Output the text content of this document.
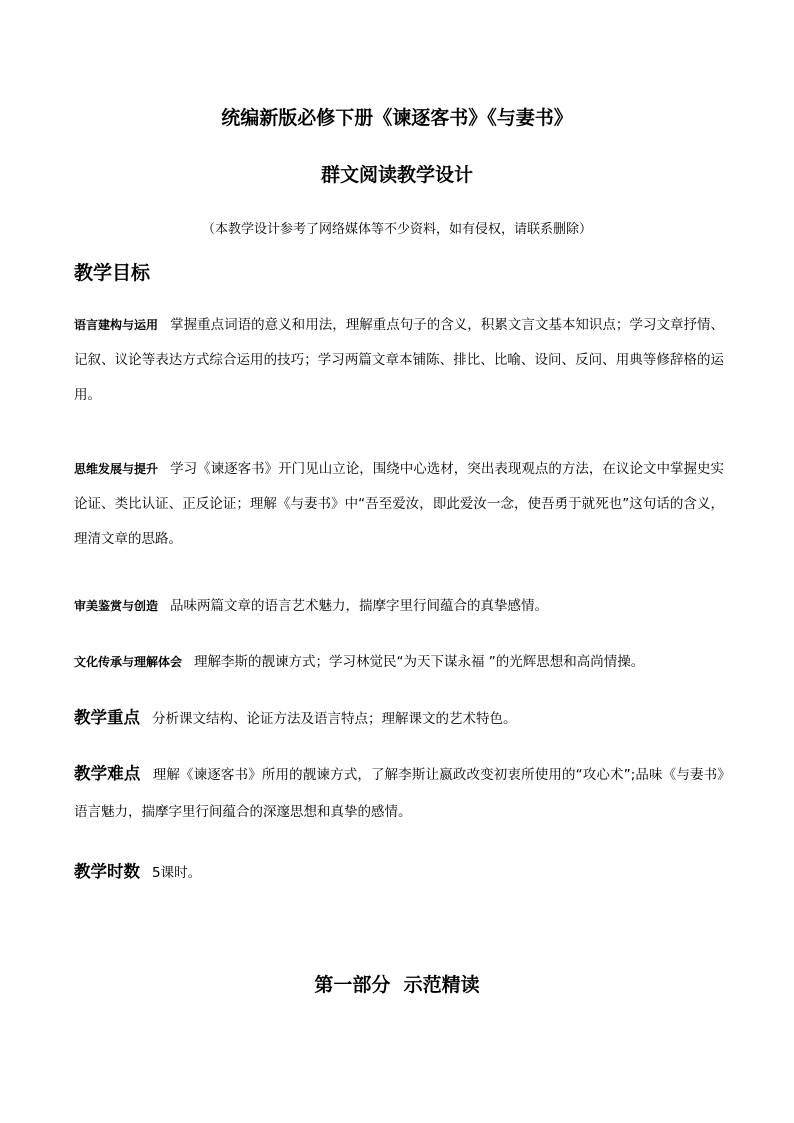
统编新版必修下册《谏逐客书》《与妻书》
群文阅读教学设计

（本教学设计参考了网络媒体等不少资料，如有侵权，请联系删除）

教学目标

语言建构与运用 掌握重点词语的意义和用法，理解重点句子的含义，积累文言文基本知识点；学习文章抒情、记叙、议论等表达方式综合运用的技巧；学习两篇文章本铺陈、排比、比喻、设问、反问、用典等修辞格的运用。

思维发展与提升 学习《谏逐客书》开门见山立论，围绕中心选材，突出表现观点的方法，在议论文中掌握史实论证、类比认证、正反论证；理解《与妻书》中“吾至爱汝，即此爱汝一念，使吾勇于就死也”这句话的含义，理清文章的思路。

审美鉴赏与创造 品味两篇文章的语言艺术魅力，揣摩字里行间蕴合的真挚感情。

文化传承与理解体会 理解李斯的靓谏方式；学习林觉民“为天下谋永福 ”的光辉思想和高尚情操。

教学重点 分析课文结构、论证方法及语言特点；理解课文的艺术特色。

教学难点 理解《谏逐客书》所用的靓谏方式，了解李斯让嬴政改变初衷所使用的“攻心术”;品味《与妻书》语言魅力，揣摩字里行间蕴合的深邃思想和真挚的感情。

教学时数 5课时。

第一部分  示范精读
